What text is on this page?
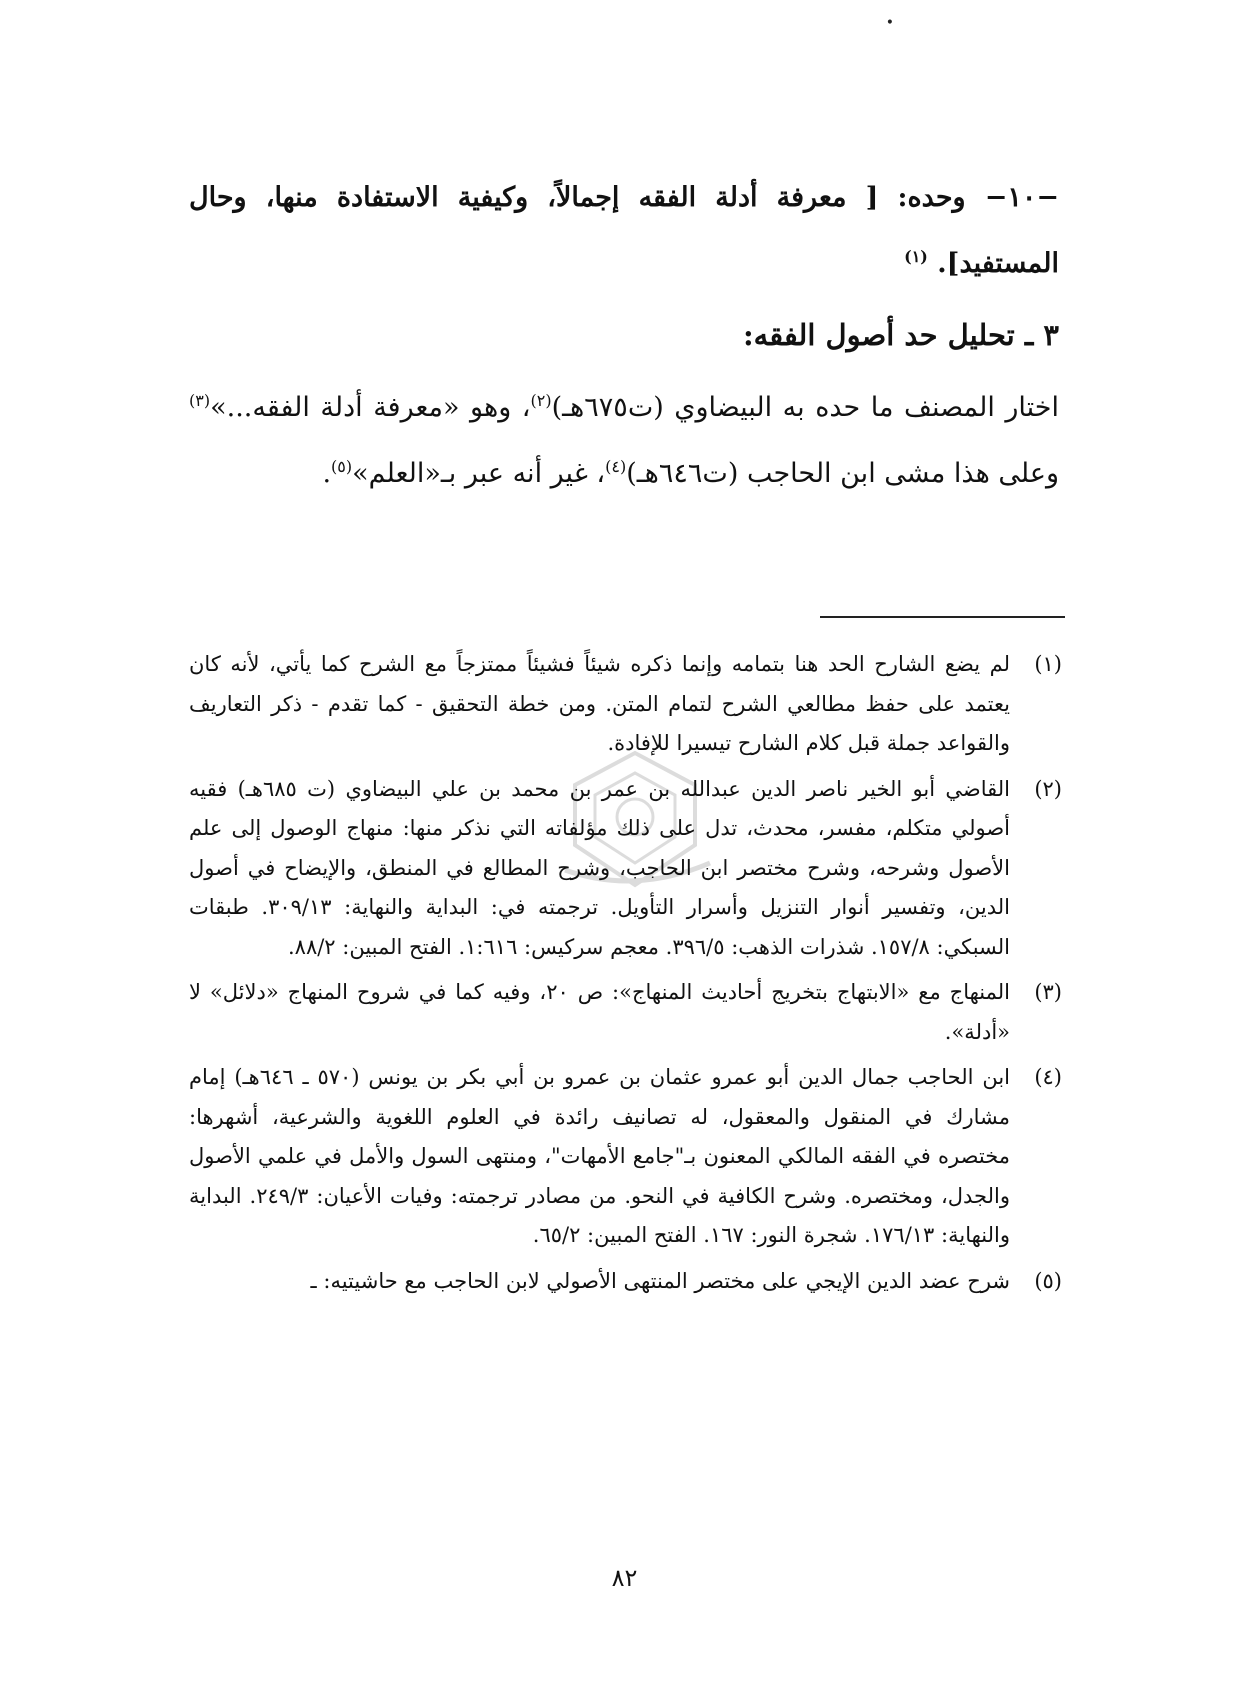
•
−١٠− وحده: [ معرفة أدلة الفقه إجمالاً، وكيفية الاستفادة منها، وحال المستفيد]. $^{(١)}$
٣ ـ تحليل حد أصول الفقه:
اختار المصنف ما حده به البيضاوي (ت٦٧٥هـ)$^{(٢)}$، وهو «معرفة أدلة الفقه...»$^{(٣)}$ وعلى هذا مشى ابن الحاجب (ت٦٤٦هـ)$^{(٤)}$، غير أنه عبر بـ«العلم»$^{(٥)}$.
(١)
لم يضع الشارح الحد هنا بتمامه وإنما ذكره شيئاً فشيئاً ممتزجاً مع الشرح كما يأتي، لأنه كان يعتمد على حفظ مطالعي الشرح لتمام المتن. ومن خطة التحقيق - كما تقدم - ذكر التعاريف والقواعد جملة قبل كلام الشارح تيسيرا للإفادة.
(٢)
القاضي أبو الخير ناصر الدين عبدالله بن عمر بن محمد بن علي البيضاوي (ت ٦٨٥هـ) فقيه أصولي متكلم، مفسر، محدث، تدل على ذلك مؤلفاته التي نذكر منها: منهاج الوصول إلى علم الأصول وشرحه، وشرح مختصر ابن الحاجب، وشرح المطالع في المنطق، والإيضاح في أصول الدين، وتفسير أنوار التنزيل وأسرار التأويل. ترجمته في: البداية والنهاية: ٣٠٩/١٣. طبقات السبكي: ١٥٧/٨. شذرات الذهب: ٣٩٦/٥. معجم سركيس: ١:٦١٦. الفتح المبين: ٨٨/٢.
(٣)
المنهاج مع «الابتهاج بتخريج أحاديث المنهاج»: ص ٢٠، وفيه كما في شروح المنهاج «دلائل» لا «أدلة».
(٤)
ابن الحاجب جمال الدين أبو عمرو عثمان بن عمرو بن أبي بكر بن يونس (٥٧٠ ـ ٦٤٦هـ) إمام مشارك في المنقول والمعقول، له تصانيف رائدة في العلوم اللغوية والشرعية، أشهرها: مختصره في الفقه المالكي المعنون بـ"جامع الأمهات"، ومنتهى السول والأمل في علمي الأصول والجدل، ومختصره. وشرح الكافية في النحو. من مصادر ترجمته: وفيات الأعيان: ٢٤٩/٣. البداية والنهاية: ١٧٦/١٣. شجرة النور: ١٦٧. الفتح المبين: ٦٥/٢.
(٥)
شرح عضد الدين الإيجي على مختصر المنتهى الأصولي لابن الحاجب مع حاشيتيه: ـ
٨٢
